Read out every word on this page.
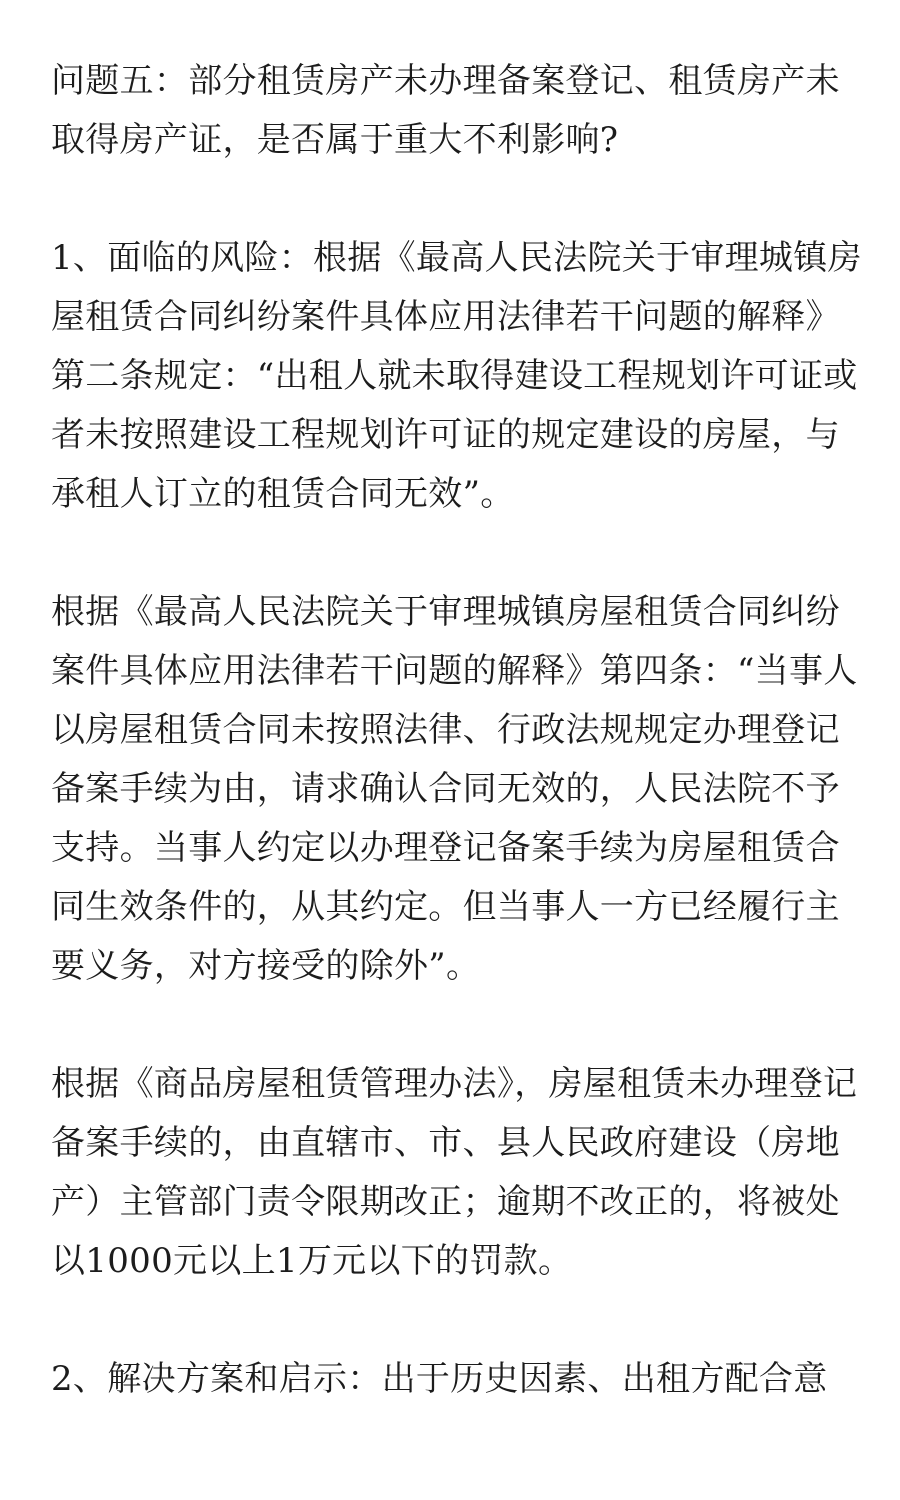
问题五：部分租赁房产未办理备案登记、租赁房产未
取得房产证，是否属于重大不利影响?

1、面临的风险：根据《最高人民法院关于审理城镇房
屋租赁合同纠纷案件具体应用法律若干问题的解释》
第二条规定：“出租人就未取得建设工程规划许可证或
者未按照建设工程规划许可证的规定建设的房屋，与
承租人订立的租赁合同无效”。

根据《最高人民法院关于审理城镇房屋租赁合同纠纷
案件具体应用法律若干问题的解释》第四条：“当事人
以房屋租赁合同未按照法律、行政法规规定办理登记
备案手续为由，请求确认合同无效的，人民法院不予
支持。当事人约定以办理登记备案手续为房屋租赁合
同生效条件的，从其约定。但当事人一方已经履行主
要义务，对方接受的除外”。

根据《商品房屋租赁管理办法》，房屋租赁未办理登记
备案手续的，由直辖市、市、县人民政府建设（房地
产）主管部门责令限期改正；逾期不改正的，将被处
以1000元以上1万元以下的罚款。

2、解决方案和启示：出于历史因素、出租方配合意
